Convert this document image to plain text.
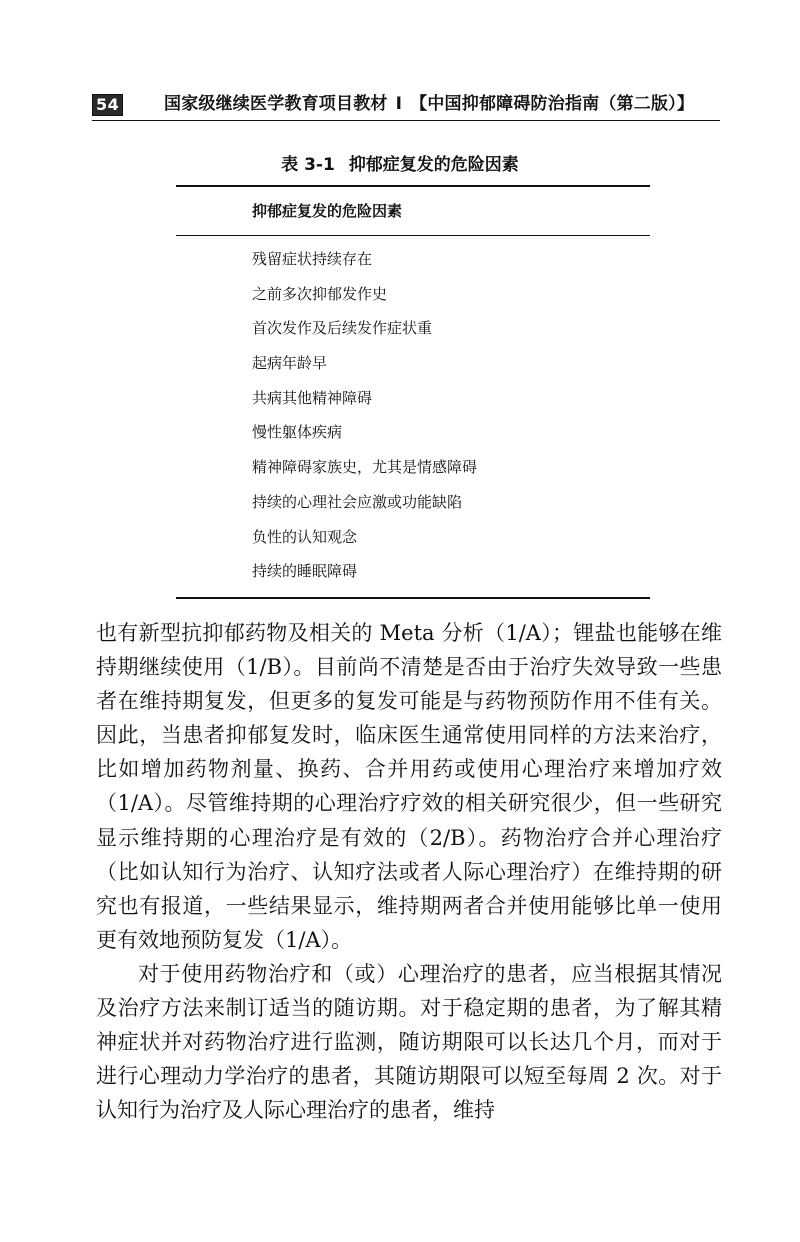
54	国家级继续医学教育项目教材 I 【中国抑郁障碍防治指南（第二版）】
表 3-1 抑郁症复发的危险因素
抑郁症复发的危险因素
残留症状持续存在
之前多次抑郁发作史
首次发作及后续发作症状重
起病年龄早
共病其他精神障碍
慢性躯体疾病
精神障碍家族史，尤其是情感障碍
持续的心理社会应激或功能缺陷
负性的认知观念
持续的睡眠障碍

也有新型抗抑郁药物及相关的 Meta 分析（1/A）；锂盐也能够在维持期继续使用（1/B）。目前尚不清楚是否由于治疗失效导致一些患者在维持期复发，但更多的复发可能是与药物预防作用不佳有关。因此，当患者抑郁复发时，临床医生通常使用同样的方法来治疗，比如增加药物剂量、换药、合并用药或使用心理治疗来增加疗效（1/A）。尽管维持期的心理治疗疗效的相关研究很少，但一些研究显示维持期的心理治疗是有效的（2/B）。药物治疗合并心理治疗（比如认知行为治疗、认知疗法或者人际心理治疗）在维持期的研究也有报道，一些结果显示，维持期两者合并使用能够比单一使用更有效地预防复发（1/A）。

对于使用药物治疗和（或）心理治疗的患者，应当根据其情况及治疗方法来制订适当的随访期。对于稳定期的患者，为了解其精神症状并对药物治疗进行监测，随访期限可以长达几个月，而对于进行心理动力学治疗的患者，其随访期限可以短至每周 2 次。对于认知行为治疗及人际心理治疗的患者，维持
